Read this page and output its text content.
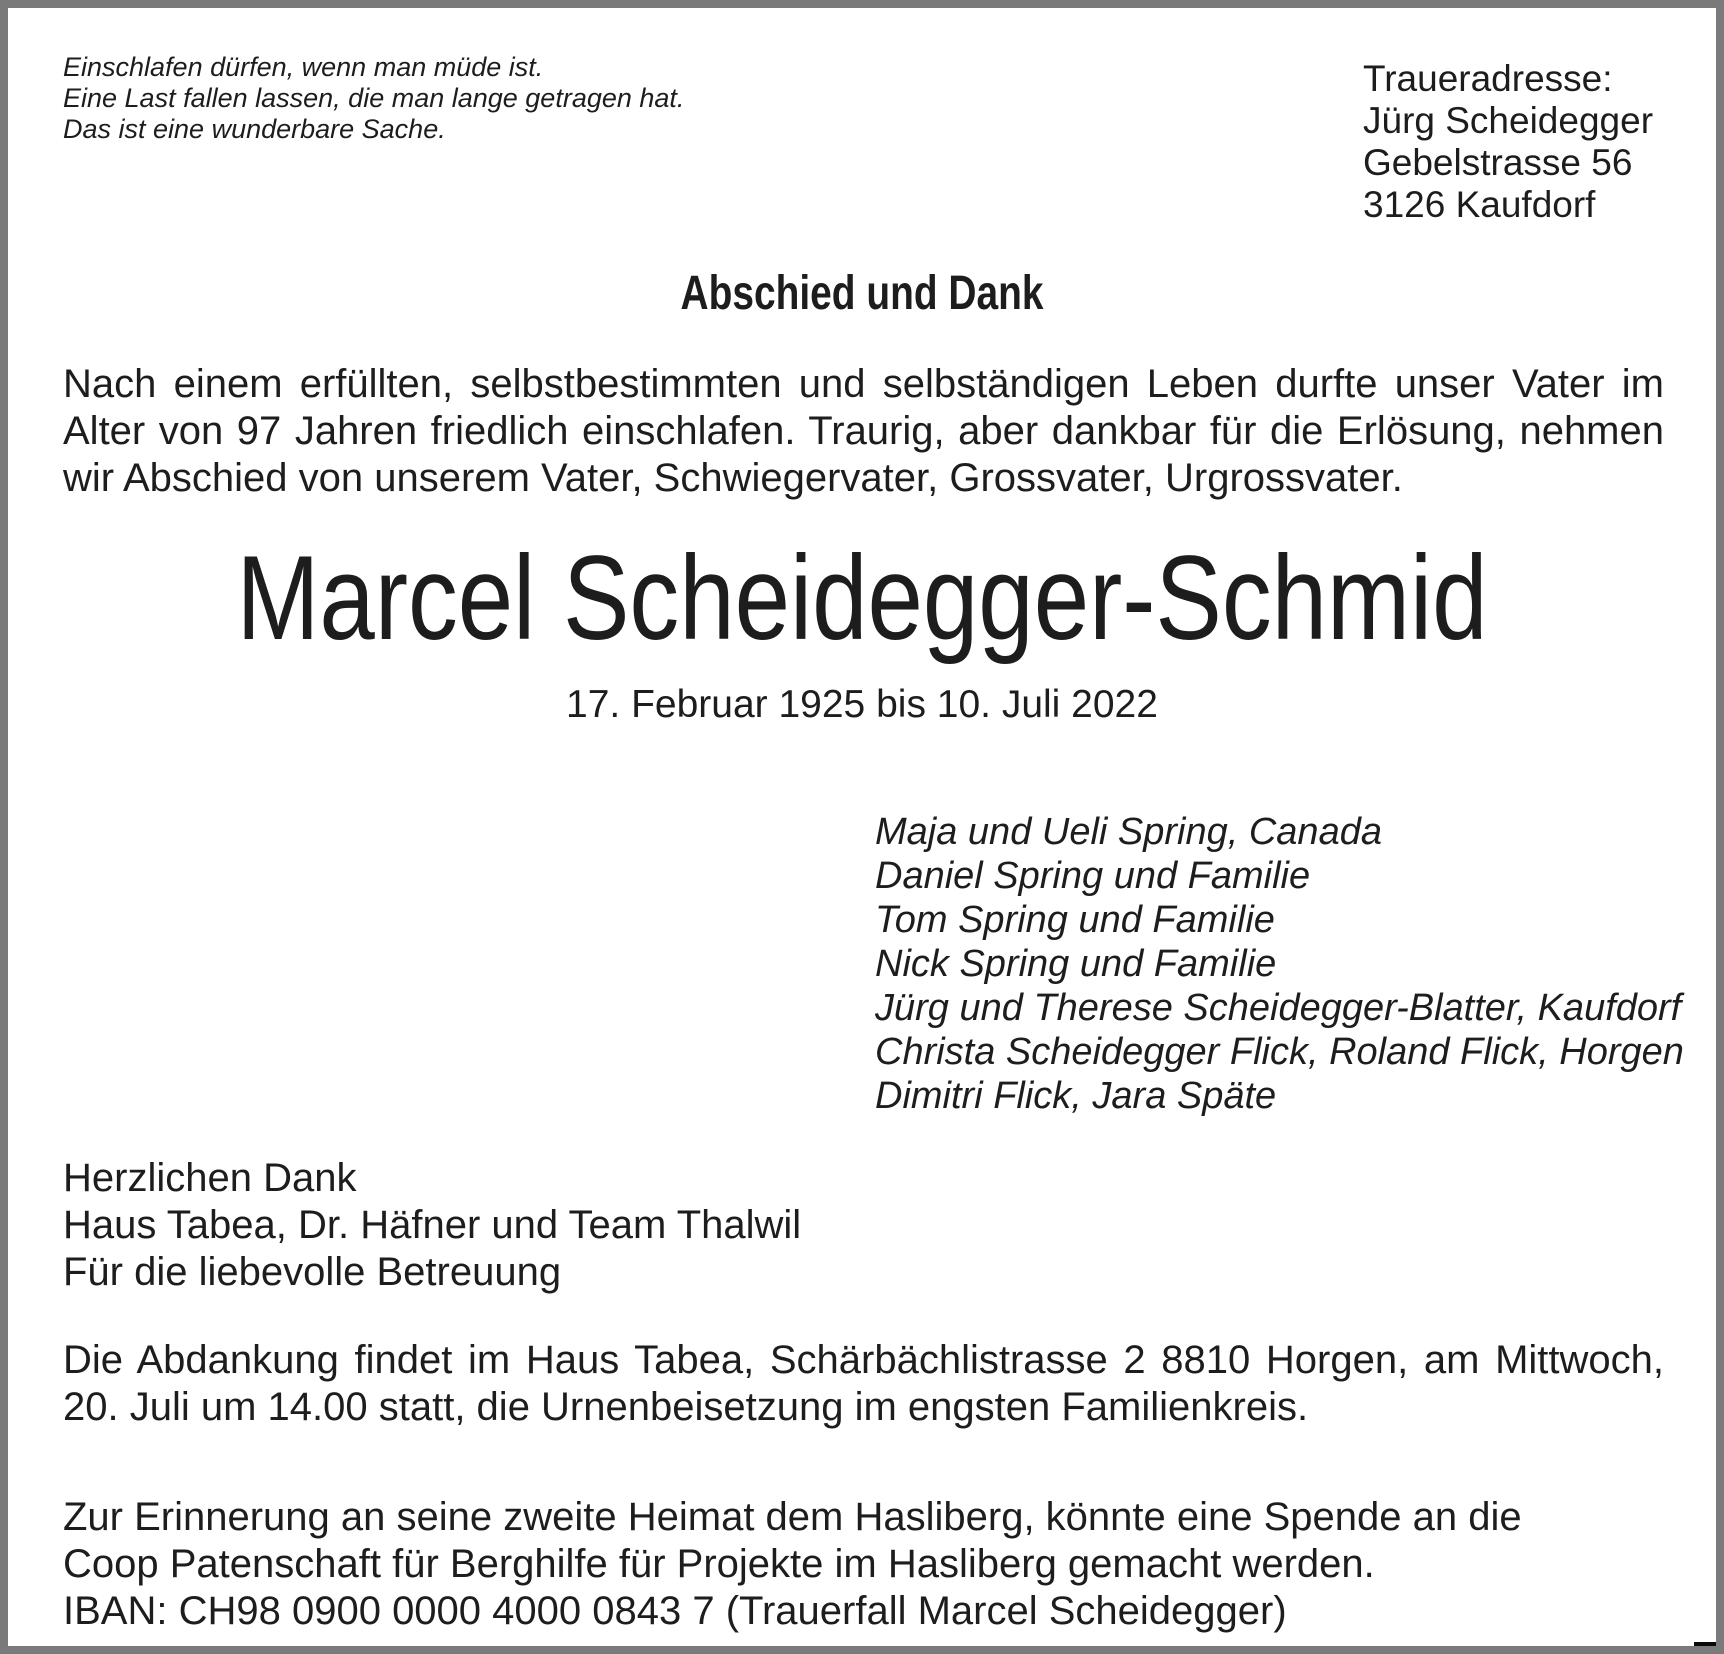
Einschlafen dürfen, wenn man müde ist.
Eine Last fallen lassen, die man lange getragen hat.
Das ist eine wunderbare Sache.
Traueradresse:
Jürg Scheidegger
Gebelstrasse 56
3126 Kaufdorf
Abschied und Dank
Nach einem erfüllten, selbstbestimmten und selbständigen Leben durfte unser Vater im Alter von 97 Jahren friedlich einschlafen. Traurig, aber dankbar für die Erlösung, nehmen wir Abschied von unserem Vater, Schwiegervater, Grossvater, Urgrossvater.
Marcel Scheidegger-Schmid
17. Februar 1925 bis 10. Juli 2022
Maja und Ueli Spring, Canada
Daniel Spring und Familie
Tom Spring und Familie
Nick Spring und Familie
Jürg und Therese Scheidegger-Blatter, Kaufdorf
Christa Scheidegger Flick, Roland Flick, Horgen
Dimitri Flick, Jara Späte
Herzlichen Dank
Haus Tabea, Dr. Häfner und Team Thalwil
Für die liebevolle Betreuung
Die Abdankung findet im Haus Tabea, Schärbächlistrasse 2 8810 Horgen, am Mittwoch, 20. Juli um 14.00 statt, die Urnenbeisetzung im engsten Familienkreis.
Zur Erinnerung an seine zweite Heimat dem Hasliberg, könnte eine Spende an die
Coop Patenschaft für Berghilfe für Projekte im Hasliberg gemacht werden.
IBAN: CH98 0900 0000 4000 0843 7 (Trauerfall Marcel Scheidegger)
